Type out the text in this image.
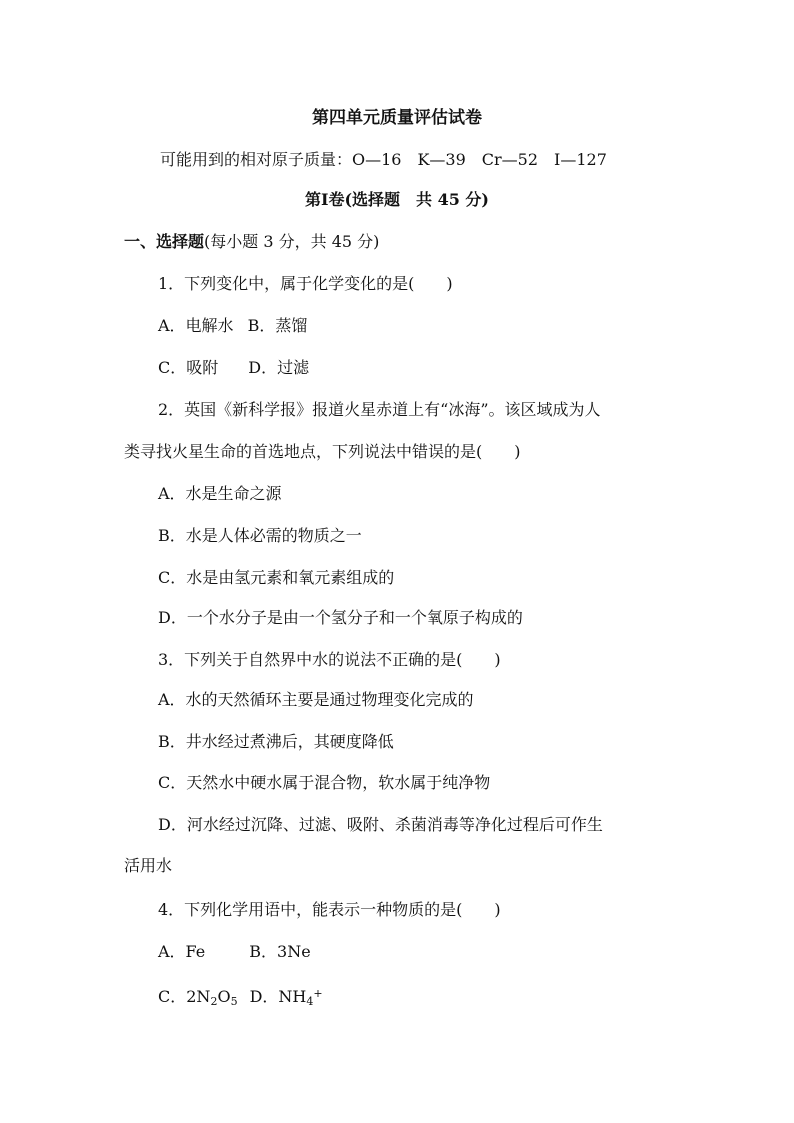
第四单元质量评估试卷
可能用到的相对原子质量：O—16　K—39　Cr—52　I—127
第Ⅰ卷(选择题　共 45 分)
一、选择题(每小题 3 分，共 45 分)
1．下列变化中，属于化学变化的是(　　)
A．电解水 B．蒸馏
C．吸附 D．过滤
2．英国《新科学报》报道火星赤道上有“冰海”。该区域成为人
类寻找火星生命的首选地点，下列说法中错误的是(　　)
A．水是生命之源
B．水是人体必需的物质之一
C．水是由氢元素和氧元素组成的
D．一个水分子是由一个氢分子和一个氧原子构成的
3．下列关于自然界中水的说法不正确的是(　　)
A．水的天然循环主要是通过物理变化完成的
B．井水经过煮沸后，其硬度降低
C．天然水中硬水属于混合物，软水属于纯净物
D．河水经过沉降、过滤、吸附、杀菌消毒等净化过程后可作生
活用水
4．下列化学用语中，能表示一种物质的是(　　)
A．Fe	B．3Ne
C．$2N_2O_5$ D．$NH_4^+$
